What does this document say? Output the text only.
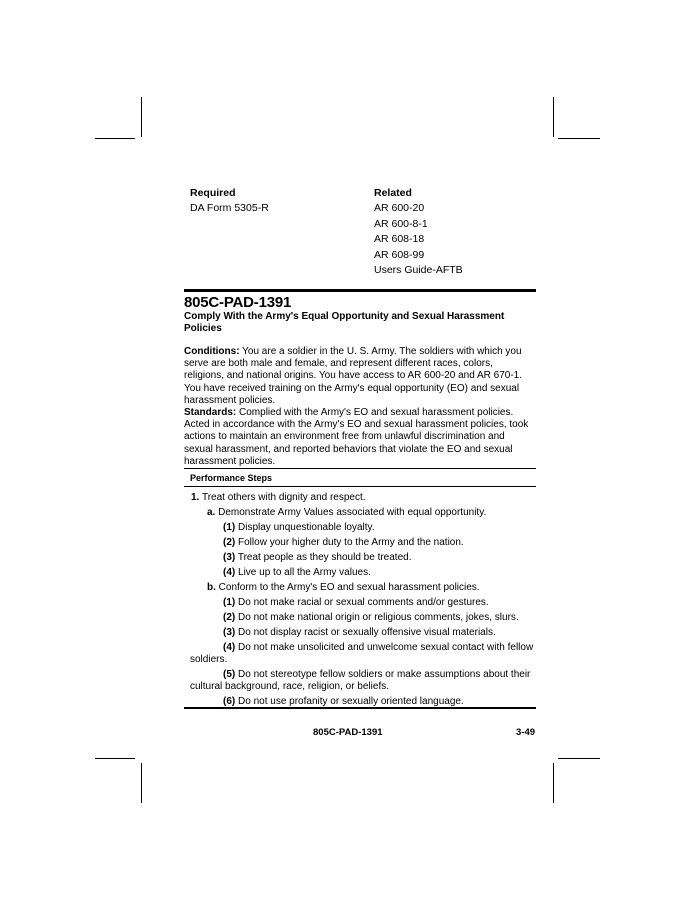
Required
DA Form 5305-R
Related
AR 600-20
AR 600-8-1
AR 608-18
AR 608-99
Users Guide-AFTB
805C-PAD-1391
Comply With the Army's Equal Opportunity and Sexual Harassment Policies
Conditions: You are a soldier in the U. S. Army. The soldiers with which you serve are both male and female, and represent different races, colors, religions, and national origins. You have access to AR 600-20 and AR 670-1. You have received training on the Army's equal opportunity (EO) and sexual harassment policies.
Standards: Complied with the Army's EO and sexual harassment policies. Acted in accordance with the Army's EO and sexual harassment policies, took actions to maintain an environment free from unlawful discrimination and sexual harassment, and reported behaviors that violate the EO and sexual harassment policies.
Performance Steps
1. Treat others with dignity and respect.
a. Demonstrate Army Values associated with equal opportunity.
(1) Display unquestionable loyalty.
(2) Follow your higher duty to the Army and the nation.
(3) Treat people as they should be treated.
(4) Live up to all the Army values.
b. Conform to the Army's EO and sexual harassment policies.
(1) Do not make racial or sexual comments and/or gestures.
(2) Do not make national origin or religious comments, jokes, slurs.
(3) Do not display racist or sexually offensive visual materials.
(4) Do not make unsolicited and unwelcome sexual contact with fellow soldiers.
(5) Do not stereotype fellow soldiers or make assumptions about their cultural background, race, religion, or beliefs.
(6) Do not use profanity or sexually oriented language.
805C-PAD-1391	3-49
